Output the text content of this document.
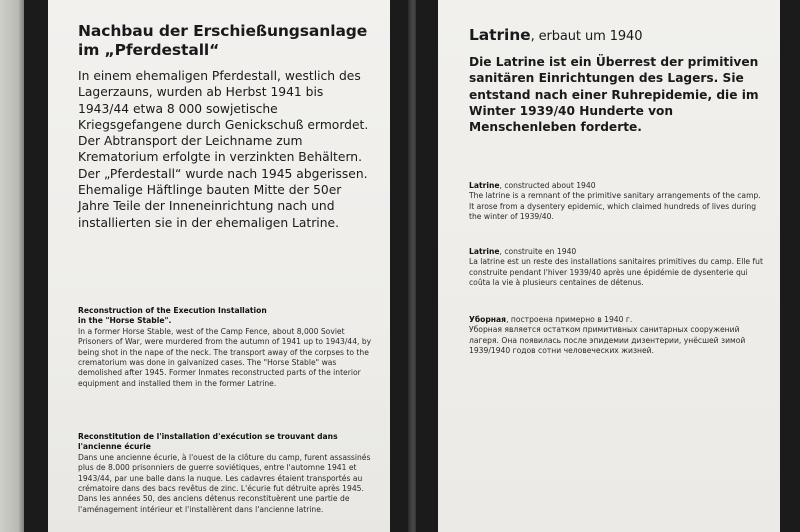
Nachbau der Erschießungsanlage
im „Pferdestall“
In einem ehemaligen Pferdestall, westlich des Lagerzauns, wurden ab Herbst 1941 bis 1943/44 etwa 8 000 sowjetische Kriegsgefangene durch Genickschuß ermordet. Der Abtransport der Leichname zum Krematorium erfolgte in verzinkten Behältern. Der „Pferdestall“ wurde nach 1945 abgerissen. Ehemalige Häftlinge bauten Mitte der 50er Jahre Teile der Inneneinrichtung nach und installierten sie in der ehemaligen Latrine.
Reconstruction of the Execution Installation
in the "Horse Stable".
In a former Horse Stable, west of the Camp Fence, about 8,000 Soviet Prisoners of War, were murdered from the autumn of 1941 up to 1943/44, by being shot in the nape of the neck. The transport away of the corpses to the crematorium was done in galvanized cases. The "Horse Stable" was demolished after 1945. Former Inmates reconstructed parts of the interior equipment and installed them in the former Latrine.
Reconstitution de l'installation d'exécution se trouvant dans
l'ancienne écurie
Dans une ancienne écurie, à l'ouest de la clôture du camp, furent assassinés plus de 8.000 prisonniers de guerre soviétiques, entre l'automne 1941 et 1943/44, par une balle dans la nuque. Les cadavres étaient transportés au crématoire dans des bacs revêtus de zinc. L'écurie fut détruite après 1945. Dans les années 50, des anciens détenus reconstituèrent une partie de l'aménagement intérieur et l'installèrent dans l'ancienne latrine.
Latrine, erbaut um 1940
Die Latrine ist ein Überrest der primitiven sanitären Einrichtungen des Lagers. Sie entstand nach einer Ruhrepidemie, die im Winter 1939/40 Hunderte von Menschenleben forderte.
Latrine, constructed about 1940
The latrine is a remnant of the primitive sanitary arrangements of the camp. It arose from a dysentery epidemic, which claimed hundreds of lives during the winter of 1939/40.
Latrine, construite en 1940
La latrine est un reste des installations sanitaires primitives du camp. Elle fut construite pendant l'hiver 1939/40 après une épidémie de dysenterie qui coûta la vie à plusieurs centaines de détenus.
Уборная, построена примерно в 1940 г.
Уборная является остатком примитивных санитарных сооружений лагеря. Она появилась после эпидемии дизентерии, унёсшей зимой 1939/1940 годов сотни человеческих жизней.
